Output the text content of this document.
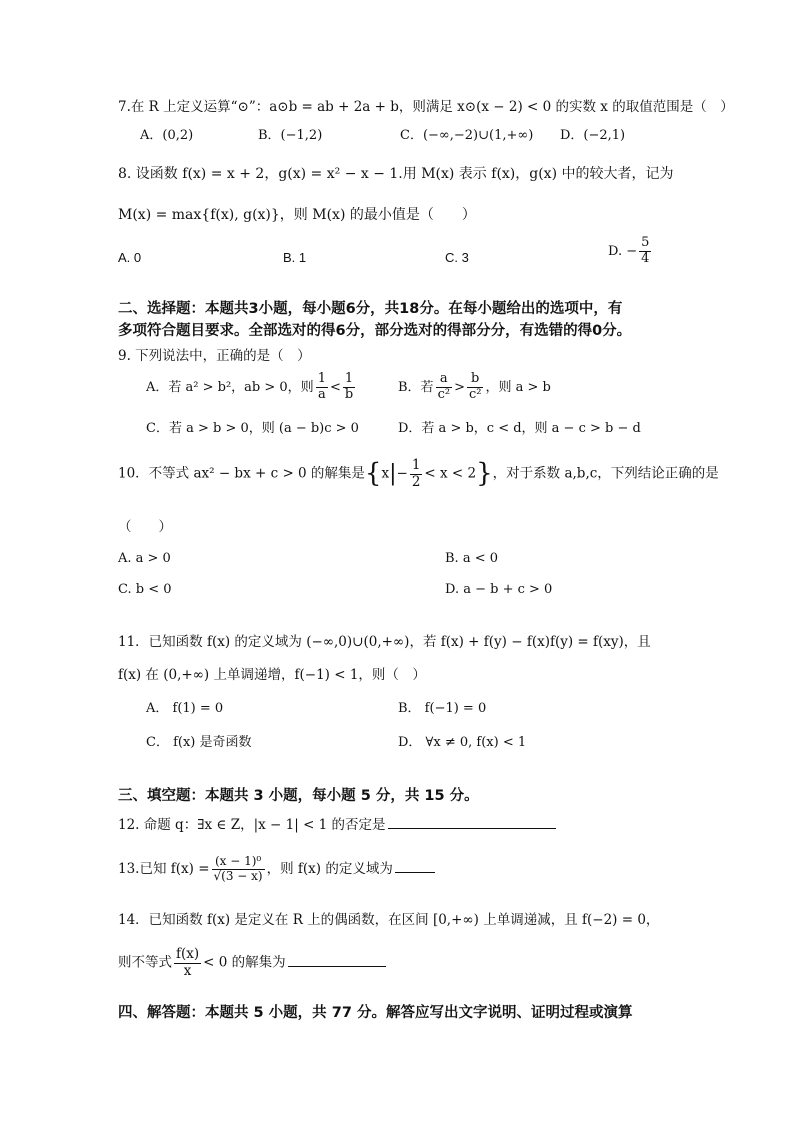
7.在 R 上定义运算“⊙”：a⊙b = ab + 2a + b，则满足 x⊙(x − 2) < 0 的实数 x 的取值范围是（　）
A．(0,2)	B．(−1,2)	C．(−∞,−2)∪(1,+∞) D．(−2,1)
8. 设函数 f(x) = x + 2，g(x) = x² − x − 1.用 M(x) 表示 f(x)，g(x) 中的较大者，记为
M(x) = max{f(x), g(x)}，则 M(x) 的最小值是（　　）
A. 0	B. 1	C. 3	D. − $\frac{5}{4}$
二、选择题：本题共3小题，每小题6分，共18分。在每小题给出的选项中，有
多项符合题目要求。全部选对的得6分，部分选对的得部分分，有选错的得0分。
9. 下列说法中，正确的是（　）
A．若 a² > b²，ab > 0，则 $\frac{1}{a} < \frac{1}{b}$	B．若 $\frac{a}{\text{c²}} > \frac{b}{\text{c²}}$ ，则 a > b
C．若 a > b > 0，则 (a − b)c > 0	D．若 a > b，c < d，则 a − c > b − d
10．不等式 ax² − bx + c > 0 的解集是$\{x|- \frac{1}{2} < x < 2\}$，对于系数 a,b,c，下列结论正确的是
（　　）
A. a > 0	B. a < 0
C. b < 0	D. a − b + c > 0
11．已知函数 f(x) 的定义域为 (−∞,0)∪(0,+∞)，若 f(x) + f(y) − f(x)f(y) = f(xy)，且
f(x) 在 (0,+∞) 上单调递增，f(−1) < 1，则（　）
A． f(1) = 0	B． f(−1) = 0
C． f(x) 是奇函数	D． ∀x ≠ 0, f(x) < 1
三、填空题：本题共 3 小题，每小题 5 分，共 15 分。
12. 命题 q：∃x ∈ Z，|x − 1| < 1 的否定是
13.已知 $f(x) = \frac{\text{(x − 1)⁰}}{√(3 - x)}$ ，则 f(x) 的定义域为
14．已知函数 f(x) 是定义在 R 上的偶函数，在区间 [0,+∞) 上单调递减，且 f(−2) = 0，
则不等式 $\frac{f(x)}{x} < 0$ 的解集为
四、解答题：本题共 5 小题，共 77 分。解答应写出文字说明、证明过程或演算
